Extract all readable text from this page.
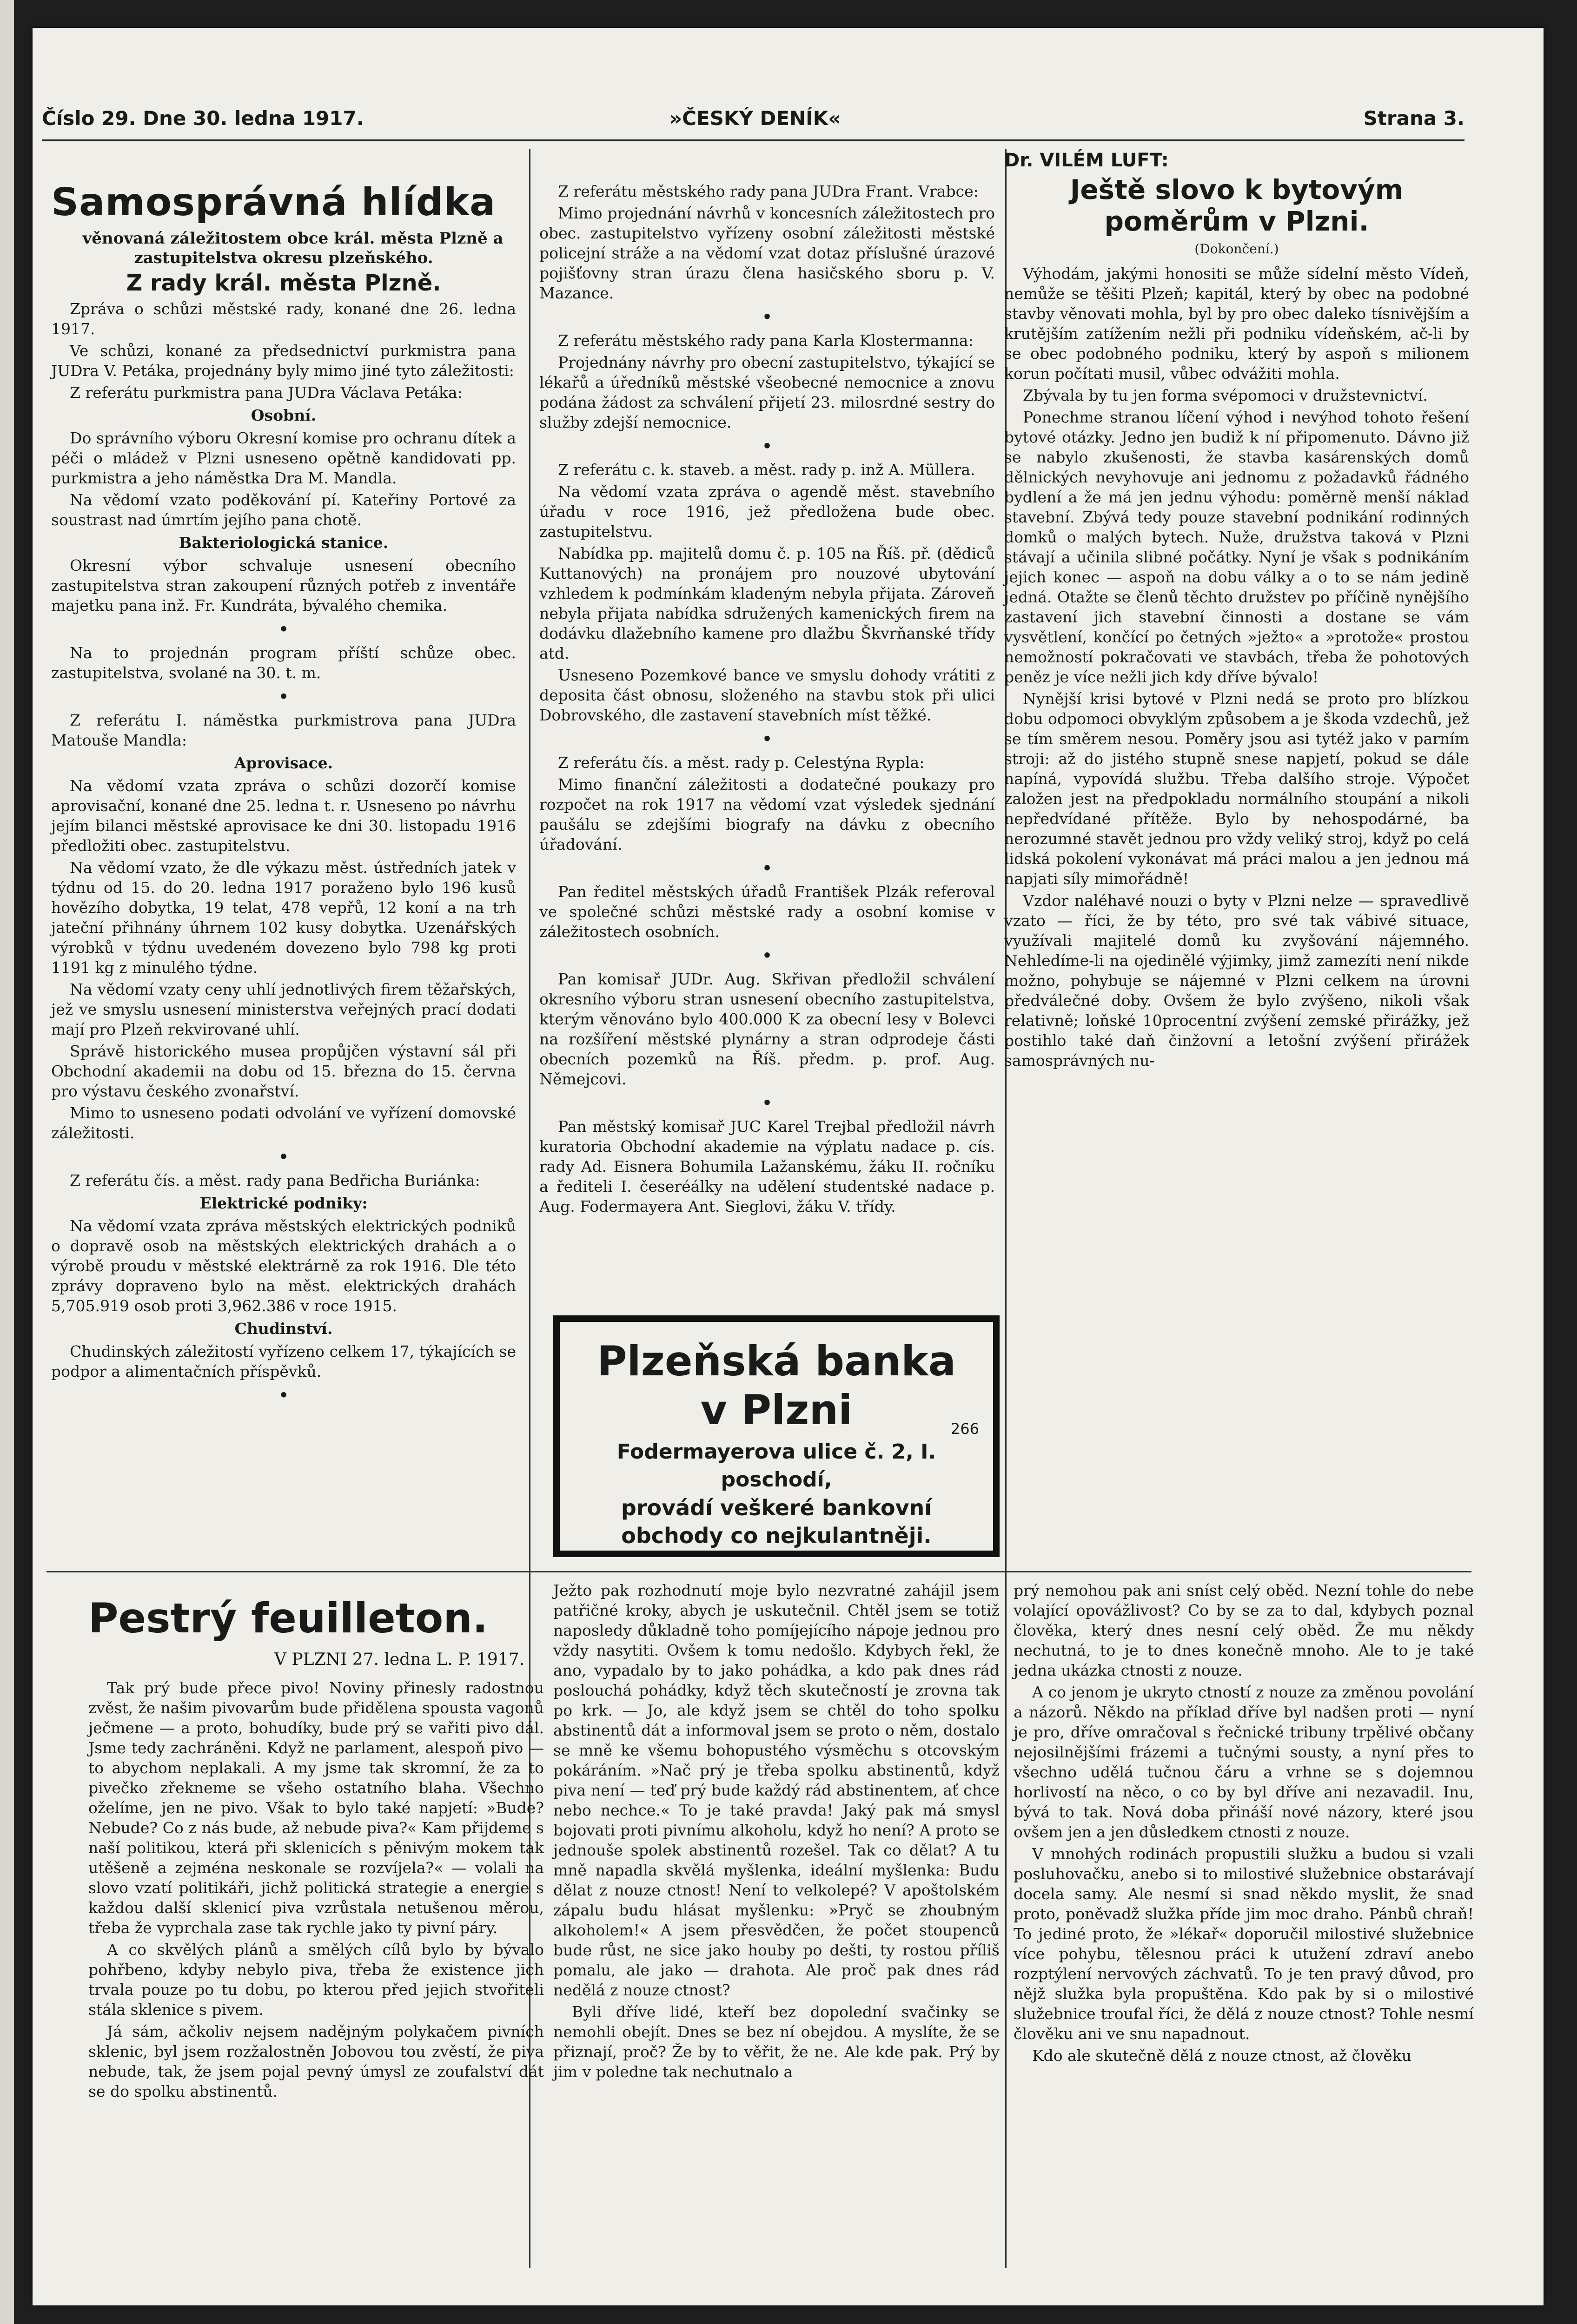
Číslo 29. Dne 30. ledna 1917.	»ČESKÝ DENÍK«	Strana 3.
Samosprávná hlídka

věnovaná záležitostem obce král. města Plzně a zastupitelstva okresu plzeňského.

Z rady král. města Plzně.

Zpráva o schůzi městské rady, konané dne 26. ledna 1917.

Ve schůzi, konané za předsednictví purkmistra pana JUDra V. Petáka, projednány byly mimo jiné tyto záležitosti:

Z referátu purkmistra pana JUDra Václava Petáka:

Osobní.

Do správního výboru Okresní komise pro ochranu dítek a péči o mládež v Plzni usneseno opětně kandidovati pp. purkmistra a jeho náměstka Dra M. Mandla.

Na vědomí vzato poděkování pí. Kateřiny Portové za soustrast nad úmrtím jejího pana chotě.

Bakteriologická stanice.

Okresní výbor schvaluje usnesení obecního zastupitelstva stran zakoupení různých potřeb z inventáře majetku pana inž. Fr. Kundráta, bývalého chemika.

•

Na to projednán program příští schůze obec. zastupitelstva, svolané na 30. t. m.

•

Z referátu I. náměstka purkmistrova pana JUDra Matouše Mandla:

Aprovisace.

Na vědomí vzata zpráva o schůzi dozorčí komise aprovisační, konané dne 25. ledna t. r. Usneseno po návrhu jejím bilanci městské aprovisace ke dni 30. listopadu 1916 předložiti obec. zastupitelstvu.

Na vědomí vzato, že dle výkazu měst. ústředních jatek v týdnu od 15. do 20. ledna 1917 poraženo bylo 196 kusů hovězího dobytka, 19 telat, 478 vepřů, 12 koní a na trh jateční přihnány úhrnem 102 kusy dobytka. Uzenářských výrobků v týdnu uvedeném dovezeno bylo 798 kg proti 1191 kg z minulého týdne.

Na vědomí vzaty ceny uhlí jednotlivých firem těžařských, jež ve smyslu usnesení ministerstva veřejných prací dodati mají pro Plzeň rekvirované uhlí.

Správě historického musea propůjčen výstavní sál při Obchodní akademii na dobu od 15. března do 15. června pro výstavu českého zvonařství.

Mimo to usneseno podati odvolání ve vyřízení domovské záležitosti.

•

Z referátu čís. a měst. rady pana Bedřicha Buriánka:

Elektrické podniky:

Na vědomí vzata zpráva městských elektrických podniků o dopravě osob na městských elektrických drahách a o výrobě proudu v městské elektrárně za rok 1916. Dle této zprávy dopraveno bylo na měst. elektrických drahách 5,705.919 osob proti 3,962.386 v roce 1915.

Chudinství.

Chudinských záležitostí vyřízeno celkem 17, týkajících se podpor a alimentačních příspěvků.

•

Z referátu městského rady pana JUDra Frant. Vrabce:

Mimo projednání návrhů v koncesních záležitostech pro obec. zastupitelstvo vyřízeny osobní záležitosti městské policejní stráže a na vědomí vzat dotaz příslušné úrazové pojišťovny stran úrazu člena hasičského sboru p. V. Mazance.

•

Z referátu městského rady pana Karla Klostermanna:

Projednány návrhy pro obecní zastupitelstvo, týkající se lékařů a úředníků městské všeobecné nemocnice a znovu podána žádost za schválení přijetí 23. milosrdné sestry do služby zdejší nemocnice.

•

Z referátu c. k. staveb. a měst. rady p. inž A. Müllera.

Na vědomí vzata zpráva o agendě měst. stavebního úřadu v roce 1916, jež předložena bude obec. zastupitelstvu.

Nabídka pp. majitelů domu č. p. 105 na Říš. př. (dědiců Kuttanových) na pronájem pro nouzové ubytování vzhledem k podmínkám kladeným nebyla přijata. Zároveň nebyla přijata nabídka sdružených kamenických firem na dodávku dlažebního kamene pro dlažbu Škvrňanské třídy atd.

Usneseno Pozemkové bance ve smyslu dohody vrátiti z deposita část obnosu, složeného na stavbu stok při ulici Dobrovského, dle zastavení stavebních míst těžké.

•

Z referátu čís. a měst. rady p. Celestýna Rypla:

Mimo finanční záležitosti a dodatečné poukazy pro rozpočet na rok 1917 na vědomí vzat výsledek sjednání paušálu se zdejšími biografy na dávku z obecního úřadování.

•

Pan ředitel městských úřadů František Plzák referoval ve společné schůzi městské rady a osobní komise v záležitostech osobních.

•

Pan komisař JUDr. Aug. Skřivan předložil schválení okresního výboru stran usnesení obecního zastupitelstva, kterým věnováno bylo 400.000 K za obecní lesy v Bolevci na rozšíření městské plynárny a stran odprodeje části obecních pozemků na Říš. předm. p. prof. Aug. Němejcovi.

•

Pan městský komisař JUC Karel Trejbal předložil návrh kuratoria Obchodní akademie na výplatu nadace p. cís. rady Ad. Eisnera Bohumila Lažanskému, žáku II. ročníku a řediteli I. česeréálky na udělení studentské nadace p. Aug. Fodermayera Ant. Sieglovi, žáku V. třídy.

Plzeňská banka
v Plzni	266
Fodermayerova ulice č. 2, I. poschodí,
provádí veškeré bankovní
obchody co nejkulantněji.
Dr. VILÉM LUFT:
Ještě slovo k bytovým poměrům v Plzni.
(Dokončení.)

Výhodám, jakými honositi se může sídelní město Vídeň, nemůže se těšiti Plzeň; kapitál, který by obec na podobné stavby věnovati mohla, byl by pro obec daleko tísnivějším a krutějším zatížením nežli při podniku vídeňském, ač-li by se obec podobného podniku, který by aspoň s milionem korun počítati musil, vůbec odvážiti mohla.

Zbývala by tu jen forma svépomoci v družstevnictví.

Ponechme stranou líčení výhod i nevýhod tohoto řešení bytové otázky. Jedno jen budiž k ní připomenuto. Dávno již se nabylo zkušenosti, že stavba kasárenských domů dělnických nevyhovuje ani jednomu z požadavků řádného bydlení a že má jen jednu výhodu: poměrně menší náklad stavební. Zbývá tedy pouze stavební podnikání rodinných domků o malých bytech. Nuže, družstva taková v Plzni stávají a učinila slibné počátky. Nyní je však s podnikáním jejich konec — aspoň na dobu války a o to se nám jedině jedná. Otažte se členů těchto družstev po příčině nynějšího zastavení jich stavební činnosti a dostane se vám vysvětlení, končící po četných »ježto« a »protože« prostou nemožností pokračovati ve stavbách, třeba že pohotových peněz je více nežli jich kdy dříve bývalo!

Nynější krisi bytové v Plzni nedá se proto pro blízkou dobu odpomoci obvyklým způsobem a je škoda vzdechů, jež se tím směrem nesou. Poměry jsou asi tytéž jako v parním stroji: až do jistého stupně snese napjetí, pokud se dále napíná, vypovídá službu. Třeba dalšího stroje. Výpočet založen jest na předpokladu normálního stoupání a nikoli nepředvídané přítěže. Bylo by nehospodárné, ba nerozumné stavět jednou pro vždy veliký stroj, když po celá lidská pokolení vykonávat má práci malou a jen jednou má napjati síly mimořádně!

Vzdor naléhavé nouzi o byty v Plzni nelze — spravedlivě vzato — říci, že by této, pro své tak vábivé situace, využívali majitelé domů ku zvyšování nájemného. Nehledíme-li na ojedinělé výjimky, jimž zamezíti není nikde možno, pohybuje se nájemné v Plzni celkem na úrovni předválečné doby. Ovšem že bylo zvýšeno, nikoli však relativně; loňské 10procentní zvýšení zemské přirážky, jež postihlo také daň činžovní a letošní zvýšení přirážek samosprávných nu-

Pestrý feuilleton.
V PLZNI 27. ledna L. P. 1917.

Tak prý bude přece pivo! Noviny přinesly radostnou zvěst, že našim pivovarům bude přidělena spousta vagonů ječmene — a proto, bohudíky, bude prý se vařiti pivo dál. Jsme tedy zachráněni. Když ne parlament, alespoň pivo — to abychom neplakali. A my jsme tak skromní, že za to pivečko zřekneme se všeho ostatního blaha. Všechno oželíme, jen ne pivo. Však to bylo také napjetí: »Bude? Nebude? Co z nás bude, až nebude piva?« Kam přijdeme s naší politikou, která při sklenicích s pěnivým mokem tak utěšeně a zejména neskonale se rozvíjela?« — volali na slovo vzatí politikáři, jichž politická strategie a energie s každou další sklenicí piva vzrůstala netušenou měrou, třeba že vyprchala zase tak rychle jako ty pivní páry.

A co skvělých plánů a smělých cílů bylo by bývalo pohřbeno, kdyby nebylo piva, třeba že existence jich trvala pouze po tu dobu, po kterou před jejich stvořiteli stála sklenice s pivem.

Já sám, ačkoliv nejsem nadějným polykačem pivních sklenic, byl jsem rozžalostněn Jobovou tou zvěstí, že piva nebude, tak, že jsem pojal pevný úmysl ze zoufalství dát se do spolku abstinentů.

Ježto pak rozhodnutí moje bylo nezvratné zahájil jsem patřičné kroky, abych je uskutečnil. Chtěl jsem se totiž naposledy důkladně toho pomíjejícího nápoje jednou pro vždy nasytiti. Ovšem k tomu nedošlo. Kdybych řekl, že ano, vypadalo by to jako pohádka, a kdo pak dnes rád poslouchá pohádky, když těch skutečností je zrovna tak po krk. — Jo, ale když jsem se chtěl do toho spolku abstinentů dát a informoval jsem se proto o něm, dostalo se mně ke všemu bohopustého výsměchu s otcovským pokáráním. »Nač prý je třeba spolku abstinentů, když piva není — teď prý bude každý rád abstinentem, ať chce nebo nechce.« To je také pravda! Jaký pak má smysl bojovati proti pivnímu alkoholu, když ho není? A proto se jednouše spolek abstinentů rozešel. Tak co dělat? A tu mně napadla skvělá myšlenka, ideální myšlenka: Budu dělat z nouze ctnost! Není to velkolepé? V apoštolském zápalu budu hlásat myšlenku: »Pryč se zhoubným alkoholem!« A jsem přesvědčen, že počet stoupenců bude růst, ne sice jako houby po dešti, ty rostou příliš pomalu, ale jako — drahota. Ale proč pak dnes rád nedělá z nouze ctnost?

Byli dříve lidé, kteří bez dopolední svačinky se nemohli obejít. Dnes se bez ní obejdou. A myslíte, že se přiznají, proč? Že by to věřit, že ne. Ale kde pak. Prý by jim v poledne tak nechutnalo a

prý nemohou pak ani sníst celý oběd. Nezní tohle do nebe volající opovážlivost? Co by se za to dal, kdybych poznal člověka, který dnes nesní celý oběd. Že mu někdy nechutná, to je to dnes konečně mnoho. Ale to je také jedna ukázka ctnosti z nouze.

A co jenom je ukryto ctností z nouze za změnou povolání a názorů. Někdo na příklad dříve byl nadšen proti — nyní je pro, dříve omračoval s řečnické tribuny trpělivé občany nejosilnějšími frázemi a tučnými sousty, a nyní přes to všechno udělá tučnou čáru a vrhne se s dojemnou horlivostí na něco, o co by byl dříve ani nezavadil. Inu, bývá to tak. Nová doba přináší nové názory, které jsou ovšem jen a jen důsledkem ctnosti z nouze.

V mnohých rodinách propustili služku a budou si vzali posluhovačku, anebo si to milostivé služebnice obstarávají docela samy. Ale nesmí si snad někdo myslit, že snad proto, poněvadž služka příde jim moc draho. Pánbů chraň! To jediné proto, že »lékař« doporučil milostivé služebnice více pohybu, tělesnou práci k utužení zdraví anebo rozptýlení nervových záchvatů. To je ten pravý důvod, pro nějž služka byla propuštěna. Kdo pak by si o milostivé služebnice troufal říci, že dělá z nouze ctnost? Tohle nesmí člověku ani ve snu napadnout.

Kdo ale skutečně dělá z nouze ctnost, až člověku
